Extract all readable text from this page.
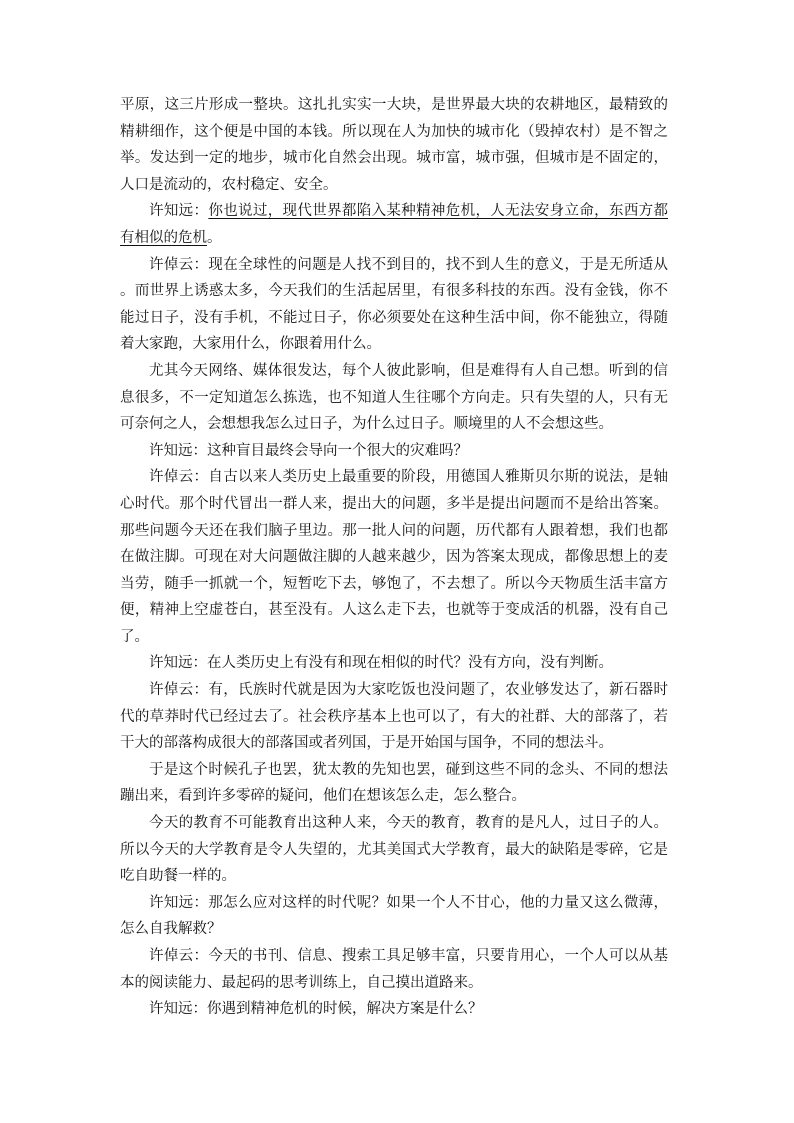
平原，这三片形成一整块。这扎扎实实一大块，是世界最大块的农耕地区，最精致的精耕细作，这个便是中国的本钱。所以现在人为加快的城市化（毁掉农村）是不智之举。发达到一定的地步，城市化自然会出现。城市富，城市强，但城市是不固定的，人口是流动的，农村稳定、安全。

许知远：你也说过，现代世界都陷入某种精神危机，人无法安身立命，东西方都有相似的危机。

许倬云：现在全球性的问题是人找不到目的，找不到人生的意义，于是无所适从。而世界上诱惑太多，今天我们的生活起居里，有很多科技的东西。没有金钱，你不能过日子，没有手机，不能过日子，你必须要处在这种生活中间，你不能独立，得随着大家跑，大家用什么，你跟着用什么。

尤其今天网络、媒体很发达，每个人彼此影响，但是难得有人自己想。听到的信息很多，不一定知道怎么拣选，也不知道人生往哪个方向走。只有失望的人，只有无可奈何之人，会想想我怎么过日子，为什么过日子。顺境里的人不会想这些。

许知远：这种盲目最终会导向一个很大的灾难吗？

许倬云：自古以来人类历史上最重要的阶段，用德国人雅斯贝尔斯的说法，是轴心时代。那个时代冒出一群人来，提出大的问题，多半是提出问题而不是给出答案。那些问题今天还在我们脑子里边。那一批人问的问题，历代都有人跟着想，我们也都在做注脚。可现在对大问题做注脚的人越来越少，因为答案太现成，都像思想上的麦当劳，随手一抓就一个，短暂吃下去，够饱了，不去想了。所以今天物质生活丰富方便，精神上空虚苍白，甚至没有。人这么走下去，也就等于变成活的机器，没有自己了。

许知远：在人类历史上有没有和现在相似的时代？没有方向，没有判断。

许倬云：有，氏族时代就是因为大家吃饭也没问题了，农业够发达了，新石器时代的草莽时代已经过去了。社会秩序基本上也可以了，有大的社群、大的部落了，若干大的部落构成很大的部落国或者列国，于是开始国与国争，不同的想法斗。

于是这个时候孔子也罢，犹太教的先知也罢，碰到这些不同的念头、不同的想法蹦出来，看到许多零碎的疑问，他们在想该怎么走，怎么整合。

今天的教育不可能教育出这种人来，今天的教育，教育的是凡人，过日子的人。所以今天的大学教育是令人失望的，尤其美国式大学教育，最大的缺陷是零碎，它是吃自助餐一样的。

许知远：那怎么应对这样的时代呢？如果一个人不甘心，他的力量又这么微薄，怎么自我解救？

许倬云：今天的书刊、信息、搜索工具足够丰富，只要肯用心，一个人可以从基本的阅读能力、最起码的思考训练上，自己摸出道路来。

许知远：你遇到精神危机的时候，解决方案是什么？
